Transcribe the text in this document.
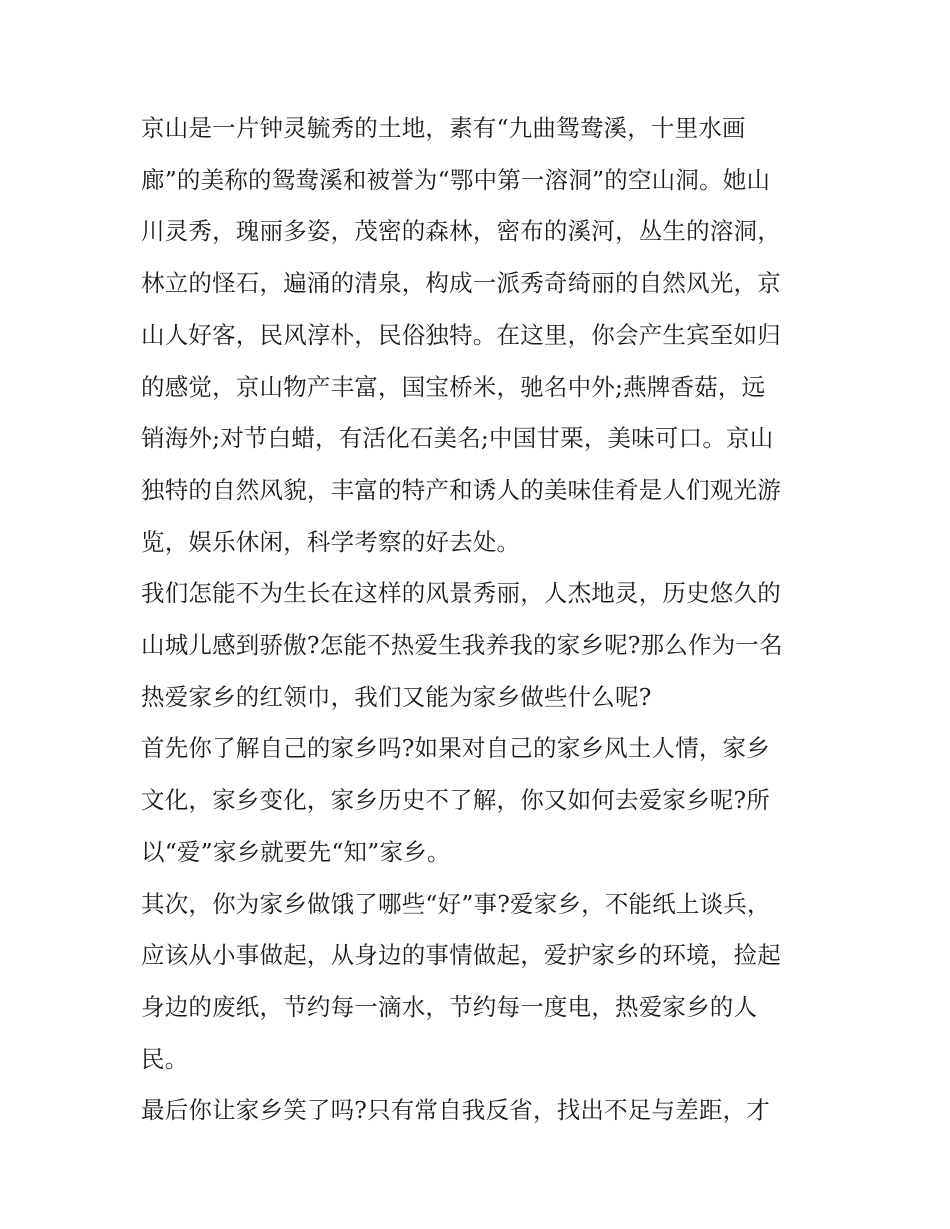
京山是一片钟灵毓秀的土地，素有“九曲鸳鸯溪，十里水画
廊”的美称的鸳鸯溪和被誉为“鄂中第一溶洞”的空山洞。她山
川灵秀，瑰丽多姿，茂密的森林，密布的溪河，丛生的溶洞，
林立的怪石，遍涌的清泉，构成一派秀奇绮丽的自然风光，京
山人好客，民风淳朴，民俗独特。在这里，你会产生宾至如归
的感觉，京山物产丰富，国宝桥米，驰名中外;燕牌香菇，远
销海外;对节白蜡，有活化石美名;中国甘栗，美味可口。京山
独特的自然风貌，丰富的特产和诱人的美味佳肴是人们观光游
览，娱乐休闲，科学考察的好去处。
我们怎能不为生长在这样的风景秀丽，人杰地灵，历史悠久的
山城儿感到骄傲?怎能不热爱生我养我的家乡呢?那么作为一名
热爱家乡的红领巾，我们又能为家乡做些什么呢?
首先你了解自己的家乡吗?如果对自己的家乡风土人情，家乡
文化，家乡变化，家乡历史不了解，你又如何去爱家乡呢?所
以“爱”家乡就要先“知”家乡。
其次，你为家乡做饿了哪些“好”事?爱家乡，不能纸上谈兵，
应该从小事做起，从身边的事情做起，爱护家乡的环境，捡起
身边的废纸，节约每一滴水，节约每一度电，热爱家乡的人
民。
最后你让家乡笑了吗?只有常自我反省，找出不足与差距，才
